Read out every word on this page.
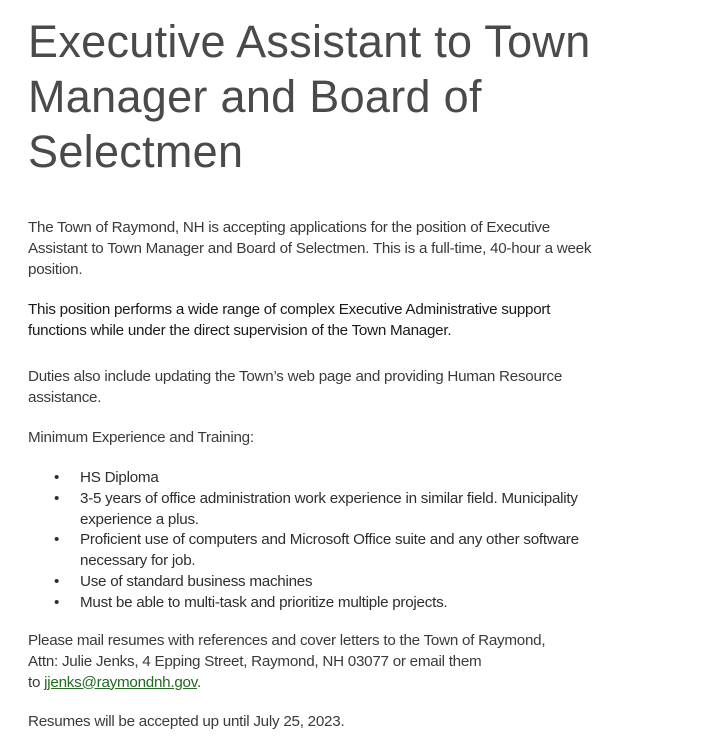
Executive Assistant to Town
Manager and Board of
Selectmen

The Town of Raymond, NH is accepting applications for the position of Executive
Assistant to Town Manager and Board of Selectmen. This is a full-time, 40-hour a week
position.

This position performs a wide range of complex Executive Administrative support
functions while under the direct supervision of the Town Manager.

Duties also include updating the Town’s web page and providing Human Resource
assistance.

Minimum Experience and Training:

• HS Diploma
• 3-5 years of office administration work experience in similar field. Municipality
experience a plus.
• Proficient use of computers and Microsoft Office suite and any other software
necessary for job.
• Use of standard business machines
• Must be able to multi-task and prioritize multiple projects.

Please mail resumes with references and cover letters to the Town of Raymond,
Attn: Julie Jenks, 4 Epping Street, Raymond, NH 03077 or email them
to jjenks@raymondnh.gov.

Resumes will be accepted up until July 25, 2023.
